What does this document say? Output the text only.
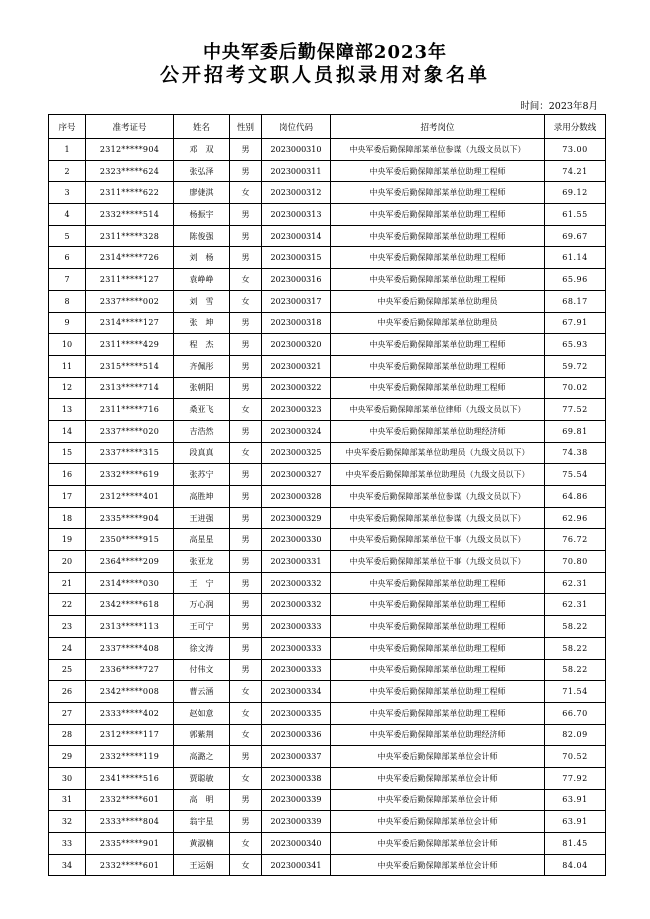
中央军委后勤保障部2023年
公开招考文职人员拟录用对象名单
时间：2023年8月
序号	准考证号	姓名	性别	岗位代码	招考岗位	录用分数线
1	2312*****904	邓　双	男	2023000310	中央军委后勤保障部某单位参谋（九级文员以下）	73.00
2	2323*****624	张弘泽	男	2023000311	中央军委后勤保障部某单位助理工程师	74.21
3	2311*****622	廖倢淇	女	2023000312	中央军委后勤保障部某单位助理工程师	69.12
4	2332*****514	杨振宇	男	2023000313	中央军委后勤保障部某单位助理工程师	61.55
5	2311*****328	陈俊强	男	2023000314	中央军委后勤保障部某单位助理工程师	69.67
6	2314*****726	刘　杨	男	2023000315	中央军委后勤保障部某单位助理工程师	61.14
7	2311*****127	袁峥峥	女	2023000316	中央军委后勤保障部某单位助理工程师	65.96
8	2337*****002	刘　雪	女	2023000317	中央军委后勤保障部某单位助理员	68.17
9	2314*****127	张　坤	男	2023000318	中央军委后勤保障部某单位助理员	67.91
10	2311*****429	程　杰	男	2023000320	中央军委后勤保障部某单位助理工程师	65.93
11	2315*****514	齐佩彤	男	2023000321	中央军委后勤保障部某单位助理工程师	59.72
12	2313*****714	张朝阳	男	2023000322	中央军委后勤保障部某单位助理工程师	70.02
13	2311*****716	桑亚飞	女	2023000323	中央军委后勤保障部某单位律师（九级文员以下）	77.52
14	2337*****020	吉浩然	男	2023000324	中央军委后勤保障部某单位助理经济师	69.81
15	2337*****315	段真真	女	2023000325	中央军委后勤保障部某单位助理员（九级文员以下）	74.38
16	2332*****619	张苏宁	男	2023000327	中央军委后勤保障部某单位助理员（九级文员以下）	75.54
17	2312*****401	高胜坤	男	2023000328	中央军委后勤保障部某单位参谋（九级文员以下）	64.86
18	2335*****904	王进强	男	2023000329	中央军委后勤保障部某单位参谋（九级文员以下）	62.96
19	2350*****915	高星星	男	2023000330	中央军委后勤保障部某单位干事（九级文员以下）	76.72
20	2364*****209	张亚龙	男	2023000331	中央军委后勤保障部某单位干事（九级文员以下）	70.80
21	2314*****030	王　宁	男	2023000332	中央军委后勤保障部某单位助理工程师	62.31
22	2342*****618	万心润	男	2023000332	中央军委后勤保障部某单位助理工程师	62.31
23	2313*****113	王可宁	男	2023000333	中央军委后勤保障部某单位助理工程师	58.22
24	2337*****408	徐文涛	男	2023000333	中央军委后勤保障部某单位助理工程师	58.22
25	2336*****727	付伟文	男	2023000333	中央军委后勤保障部某单位助理工程师	58.22
26	2342*****008	曹云涵	女	2023000334	中央军委后勤保障部某单位助理工程师	71.54
27	2333*****402	赵如意	女	2023000335	中央军委后勤保障部某单位助理工程师	66.70
28	2312*****117	郭紫荆	女	2023000336	中央军委后勤保障部某单位助理经济师	82.09
29	2332*****119	高潞之	男	2023000337	中央军委后勤保障部某单位会计师	70.52
30	2341*****516	贾聪敏	女	2023000338	中央军委后勤保障部某单位会计师	77.92
31	2332*****601	高　明	男	2023000339	中央军委后勤保障部某单位会计师	63.91
32	2333*****804	翁宇星	男	2023000339	中央军委后勤保障部某单位会计师	63.91
33	2335*****901	黄淑楠	女	2023000340	中央军委后勤保障部某单位会计师	81.45
34	2332*****601	王运娟	女	2023000341	中央军委后勤保障部某单位会计师	84.04
